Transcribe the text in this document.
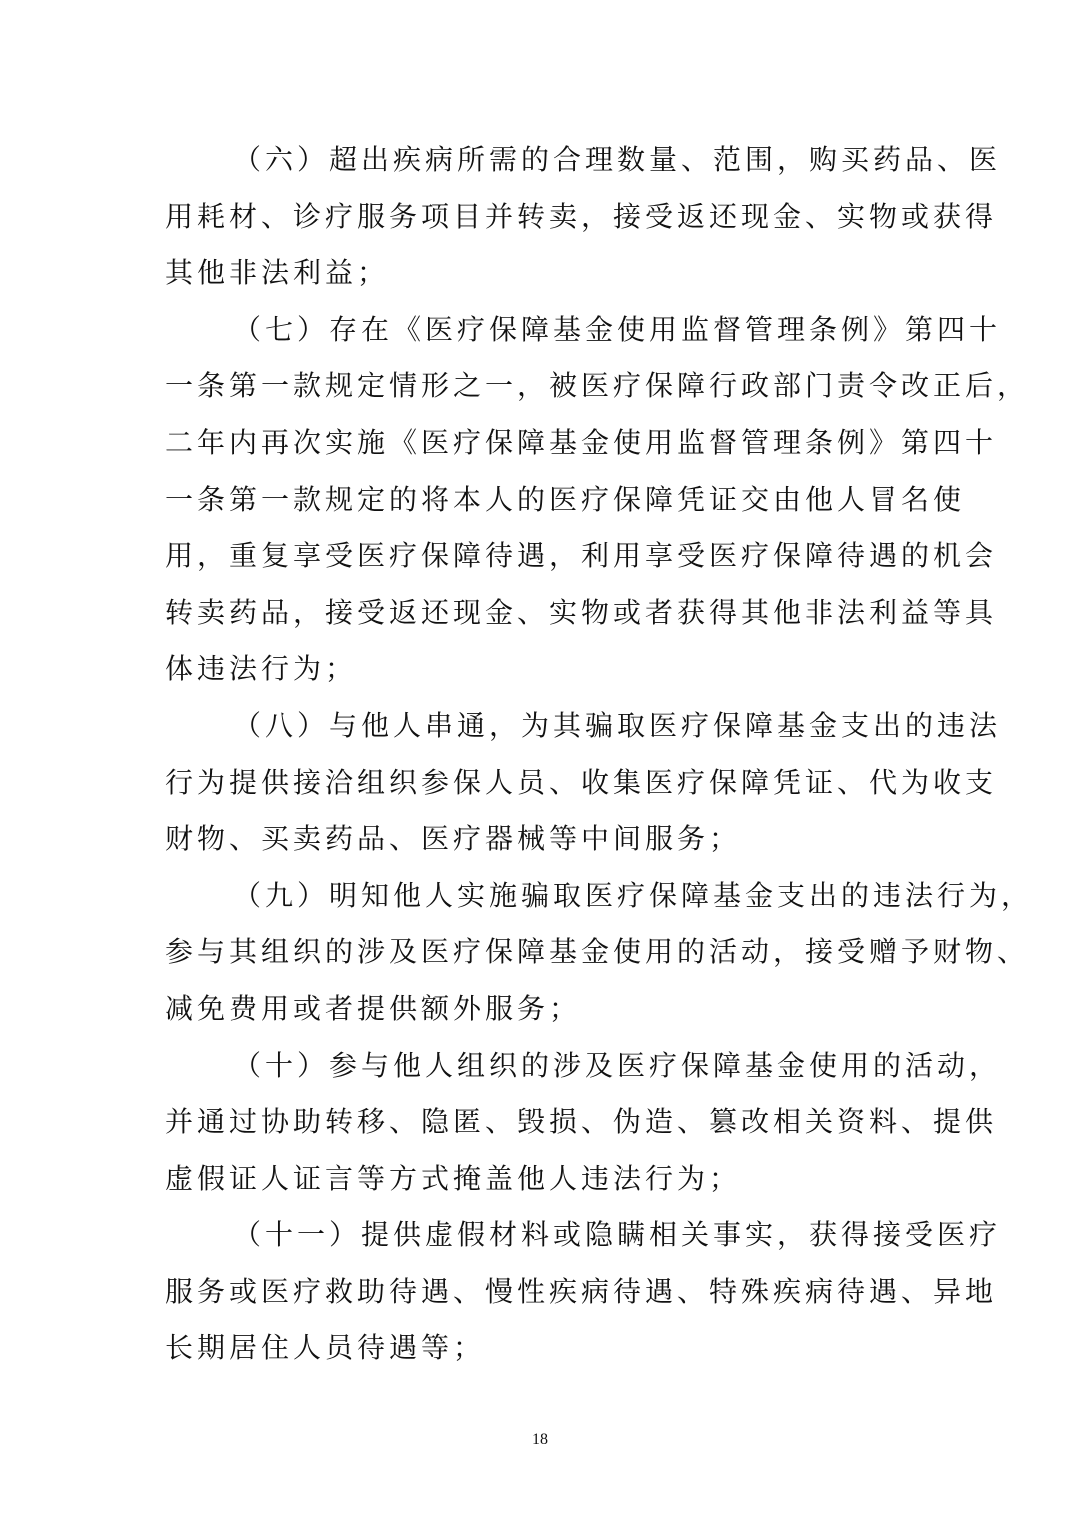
（六）超出疾病所需的合理数量、范围，购买药品、医
用耗材、诊疗服务项目并转卖，接受返还现金、实物或获得
其他非法利益；
（七）存在《医疗保障基金使用监督管理条例》第四十
一条第一款规定情形之一，被医疗保障行政部门责令改正后，
二年内再次实施《医疗保障基金使用监督管理条例》第四十
一条第一款规定的将本人的医疗保障凭证交由他人冒名使
用，重复享受医疗保障待遇，利用享受医疗保障待遇的机会
转卖药品，接受返还现金、实物或者获得其他非法利益等具
体违法行为；
（八）与他人串通，为其骗取医疗保障基金支出的违法
行为提供接洽组织参保人员、收集医疗保障凭证、代为收支
财物、买卖药品、医疗器械等中间服务；
（九）明知他人实施骗取医疗保障基金支出的违法行为，
参与其组织的涉及医疗保障基金使用的活动，接受赠予财物、
减免费用或者提供额外服务；
（十）参与他人组织的涉及医疗保障基金使用的活动，
并通过协助转移、隐匿、毁损、伪造、篡改相关资料、提供
虚假证人证言等方式掩盖他人违法行为；
（十一）提供虚假材料或隐瞒相关事实，获得接受医疗
服务或医疗救助待遇、慢性疾病待遇、特殊疾病待遇、异地
长期居住人员待遇等；
18
